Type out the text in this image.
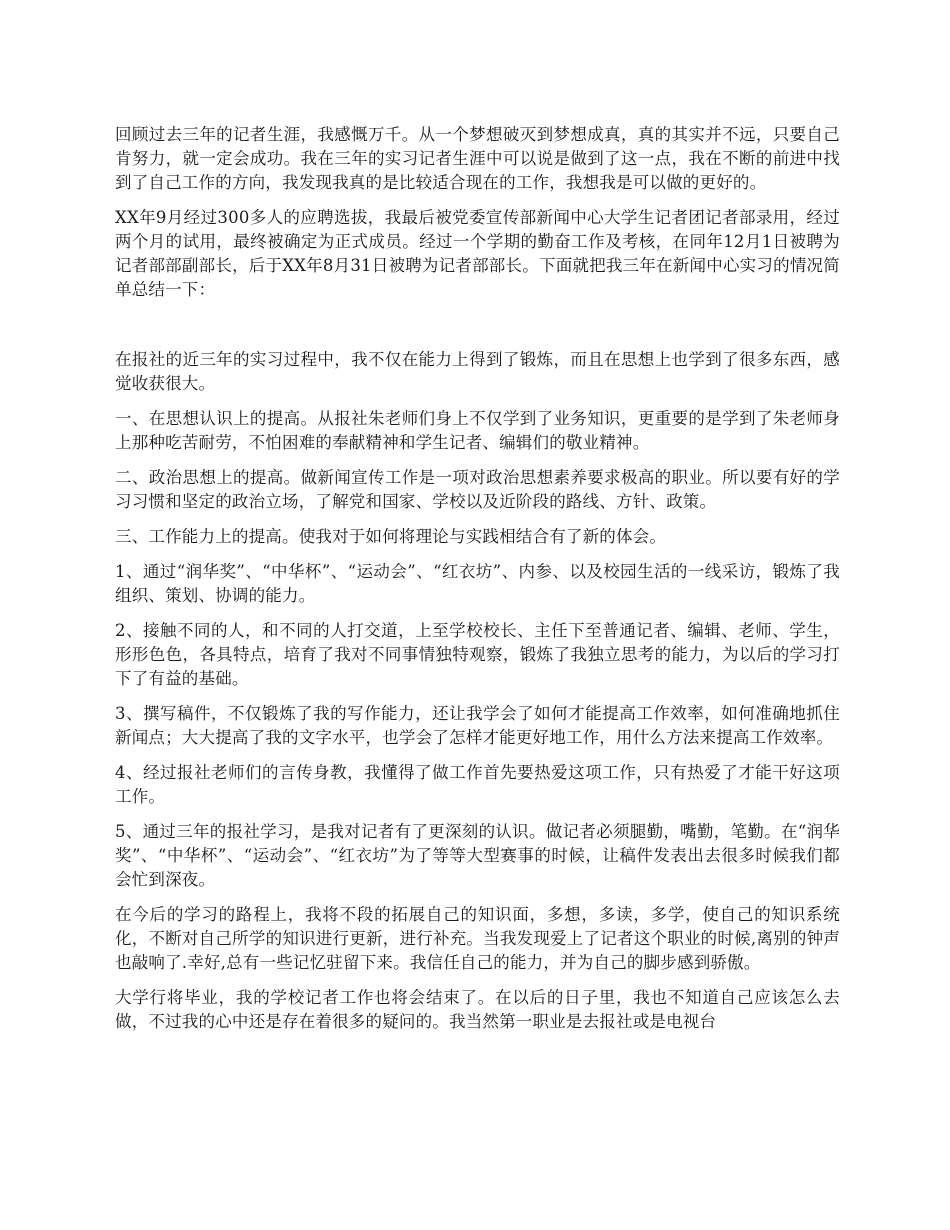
回顾过去三年的记者生涯，我感慨万千。从一个梦想破灭到梦想成真，真的其实并不远，只要自己肯努力，就一定会成功。我在三年的实习记者生涯中可以说是做到了这一点，我在不断的前进中找到了自己工作的方向，我发现我真的是比较适合现在的工作，我想我是可以做的更好的。

XX年9月经过300多人的应聘选拔，我最后被党委宣传部新闻中心大学生记者团记者部录用，经过两个月的试用，最终被确定为正式成员。经过一个学期的勤奋工作及考核，在同年12月1日被聘为记者部部副部长，后于XX年8月31日被聘为记者部部长。下面就把我三年在新闻中心实习的情况简单总结一下：

在报社的近三年的实习过程中，我不仅在能力上得到了锻炼，而且在思想上也学到了很多东西，感觉收获很大。

一、在思想认识上的提高。从报社朱老师们身上不仅学到了业务知识，更重要的是学到了朱老师身上那种吃苦耐劳，不怕困难的奉献精神和学生记者、编辑们的敬业精神。

二、政治思想上的提高。做新闻宣传工作是一项对政治思想素养要求极高的职业。所以要有好的学习习惯和坚定的政治立场，了解党和国家、学校以及近阶段的路线、方针、政策。

三、工作能力上的提高。使我对于如何将理论与实践相结合有了新的体会。

1、通过“润华奖”、“中华杯”、“运动会”、“红衣坊”、内参、以及校园生活的一线采访，锻炼了我组织、策划、协调的能力。

2、接触不同的人，和不同的人打交道，上至学校校长、主任下至普通记者、编辑、老师、学生，形形色色，各具特点，培育了我对不同事情独特观察，锻炼了我独立思考的能力，为以后的学习打下了有益的基础。

3、撰写稿件，不仅锻炼了我的写作能力，还让我学会了如何才能提高工作效率，如何准确地抓住新闻点；大大提高了我的文字水平，也学会了怎样才能更好地工作，用什么方法来提高工作效率。

4、经过报社老师们的言传身教，我懂得了做工作首先要热爱这项工作，只有热爱了才能干好这项工作。

5、通过三年的报社学习，是我对记者有了更深刻的认识。做记者必须腿勤，嘴勤，笔勤。在“润华奖”、“中华杯”、“运动会”、“红衣坊”为了等等大型赛事的时候，让稿件发表出去很多时候我们都会忙到深夜。

在今后的学习的路程上，我将不段的拓展自己的知识面，多想，多读，多学，使自己的知识系统化，不断对自己所学的知识进行更新，进行补充。当我发现爱上了记者这个职业的时候,离别的钟声也敲响了.幸好,总有一些记忆驻留下来。我信任自己的能力，并为自己的脚步感到骄傲。

大学行将毕业，我的学校记者工作也将会结束了。在以后的日子里，我也不知道自己应该怎么去做，不过我的心中还是存在着很多的疑问的。我当然第一职业是去报社或是电视台
